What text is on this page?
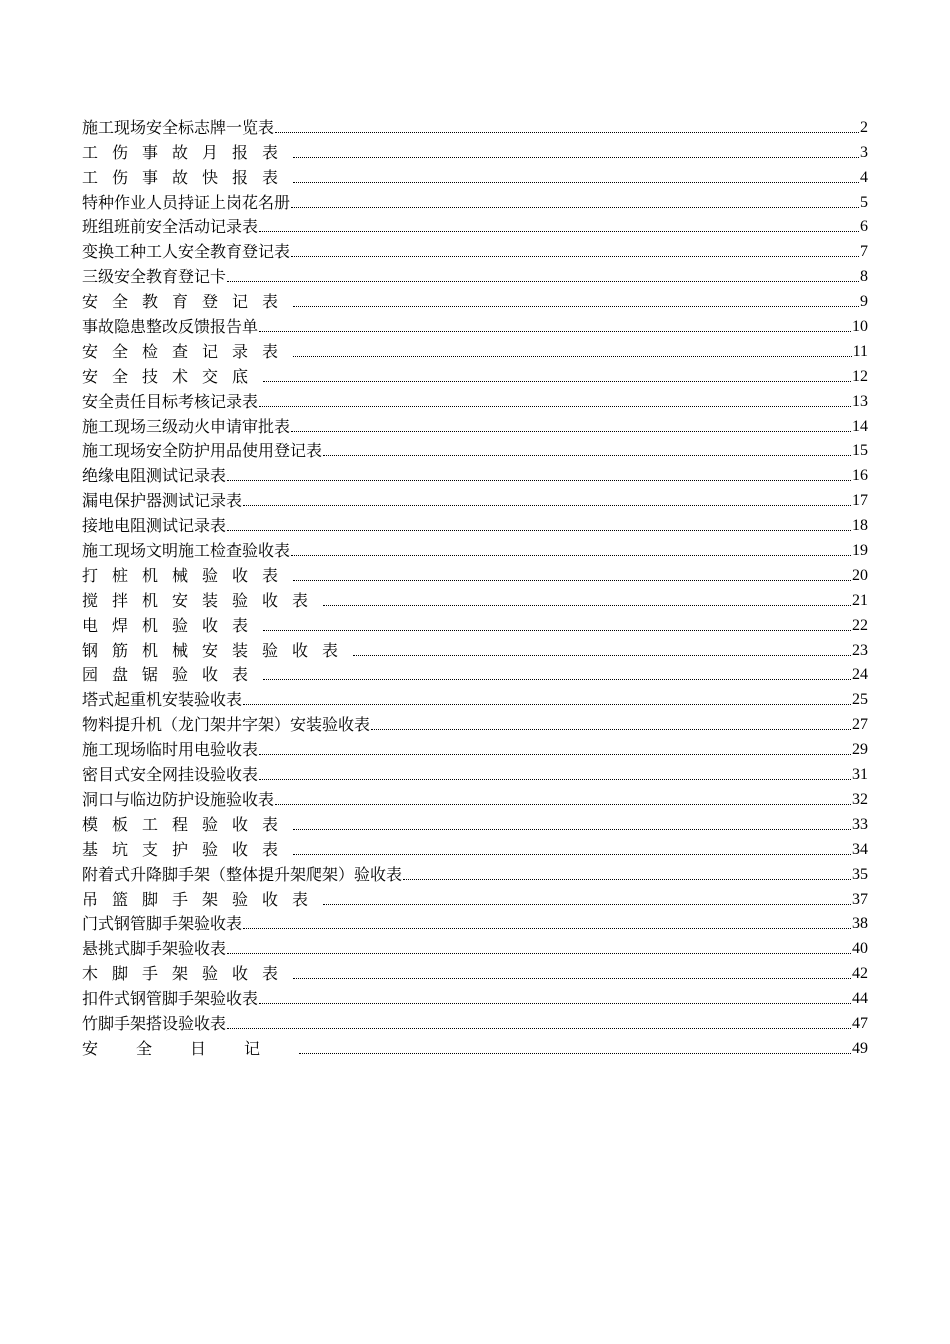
施工现场安全标志牌一览表	2
工伤事故月报表	3
工伤事故快报表	4
特种作业人员持证上岗花名册	5
班组班前安全活动记录表	6
变换工种工人安全教育登记表	7
三级安全教育登记卡	8
安全教育登记表	9
事故隐患整改反馈报告单	10
安全检查记录表	11
安全技术交底	12
安全责任目标考核记录表	13
施工现场三级动火申请审批表	14
施工现场安全防护用品使用登记表	15
绝缘电阻测试记录表	16
漏电保护器测试记录表	17
接地电阻测试记录表	18
施工现场文明施工检查验收表	19
打桩机械验收表	20
搅拌机安装验收表	21
电焊机验收表	22
钢筋机械安装验收表	23
园盘锯验收表	24
塔式起重机安装验收表	25
物料提升机（龙门架井字架）安装验收表	27
施工现场临时用电验收表	29
密目式安全网挂设验收表	31
洞口与临边防护设施验收表	32
模板工程验收表	33
基坑支护验收表	34
附着式升降脚手架（整体提升架爬架）验收表	35
吊篮脚手架验收表	37
门式钢管脚手架验收表	38
悬挑式脚手架验收表	40
木脚手架验收表	42
扣件式钢管脚手架验收表	44
竹脚手架搭设验收表	47
安全日记	49
